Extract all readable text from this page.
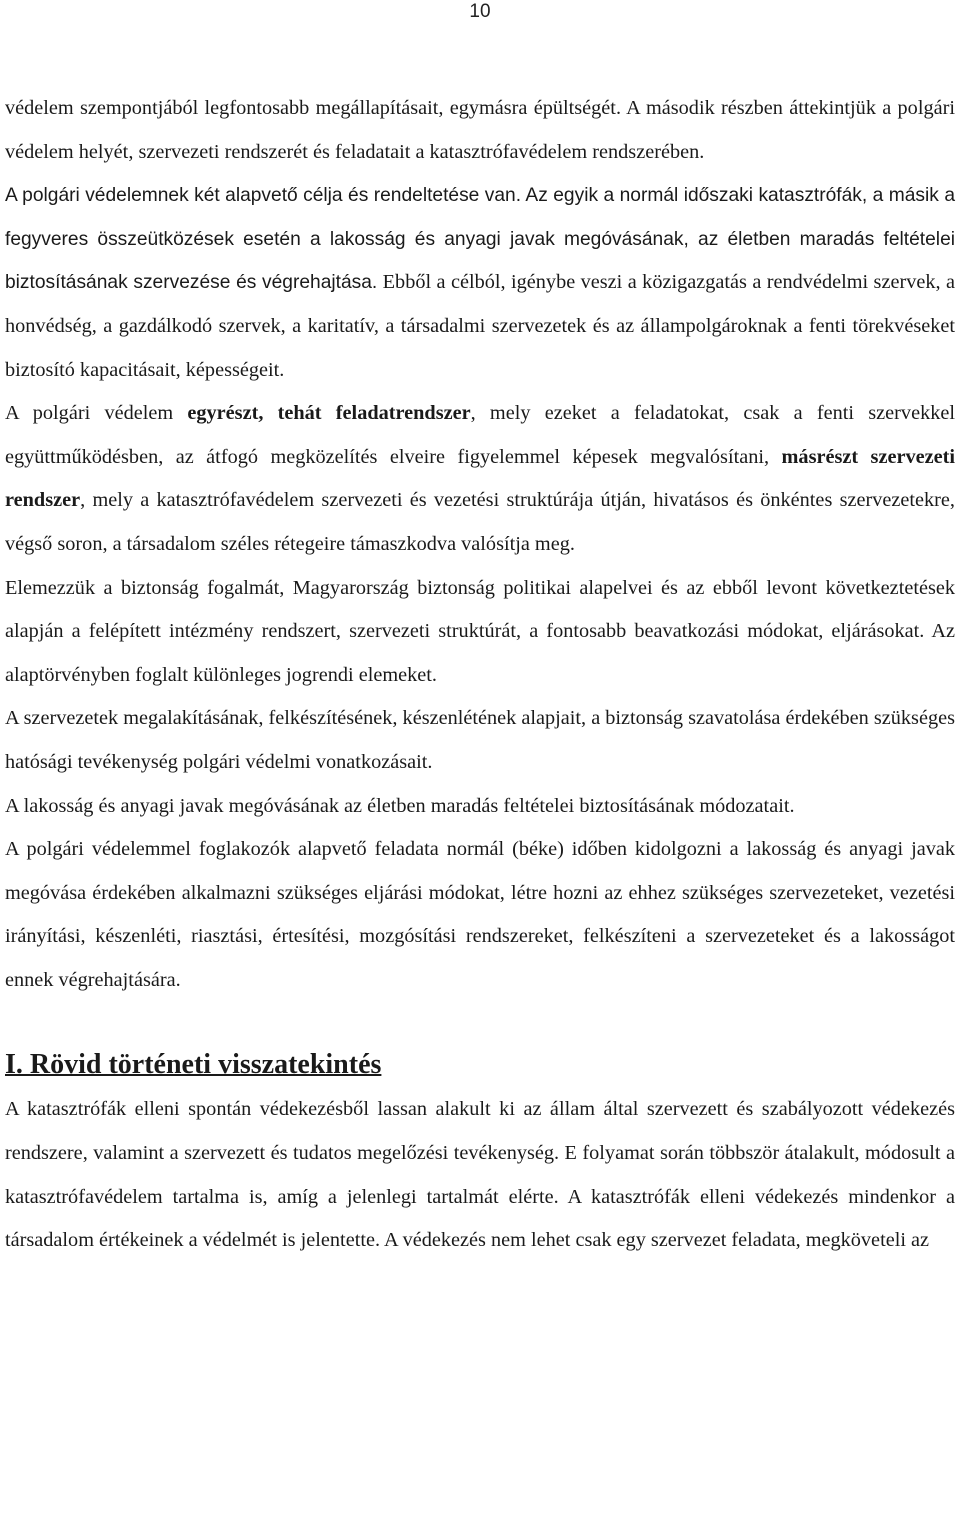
10

védelem szempontjából legfontosabb megállapításait, egymásra épültségét. A második részben áttekintjük a polgári védelem helyét, szervezeti rendszerét és feladatait a katasztrófavédelem rendszerében.

A polgári védelemnek két alapvető célja és rendeltetése van. Az egyik a normál időszaki katasztrófák, a másik a fegyveres összeütközések esetén a lakosság és anyagi javak megóvásának, az életben maradás feltételei biztosításának szervezése és végrehajtása. Ebből a célból, igénybe veszi a közigazgatás a rendvédelmi szervek, a honvédség, a gazdálkodó szervek, a karitatív, a társadalmi szervezetek és az állampolgároknak a fenti törekvéseket biztosító kapacitásait, képességeit.

A polgári védelem egyrészt, tehát feladatrendszer, mely ezeket a feladatokat, csak a fenti szervekkel együttműködésben, az átfogó megközelítés elveire figyelemmel képesek megvalósítani, másrészt szervezeti rendszer, mely a katasztrófavédelem szervezeti és vezetési struktúrája útján, hivatásos és önkéntes szervezetekre, végső soron, a társadalom széles rétegeire támaszkodva valósítja meg.

Elemezzük a biztonság fogalmát, Magyarország biztonság politikai alapelvei és az ebből levont következtetések alapján a felépített intézmény rendszert, szervezeti struktúrát, a fontosabb beavatkozási módokat, eljárásokat. Az alaptörvényben foglalt különleges jogrendi elemeket.

A szervezetek megalakításának, felkészítésének, készenlétének alapjait, a biztonság szavatolása érdekében szükséges hatósági tevékenység polgári védelmi vonatkozásait.

A lakosság és anyagi javak megóvásának az életben maradás feltételei biztosításának módozatait.

A polgári védelemmel foglakozók alapvető feladata normál (béke) időben kidolgozni a lakosság és anyagi javak megóvása érdekében alkalmazni szükséges eljárási módokat, létre hozni az ehhez szükséges szervezeteket, vezetési irányítási, készenléti, riasztási, értesítési, mozgósítási rendszereket, felkészíteni a szervezeteket és a lakosságot ennek végrehajtására.

I. Rövid történeti visszatekintés

A katasztrófák elleni spontán védekezésből lassan alakult ki az állam által szervezett és szabályozott védekezés rendszere, valamint a szervezett és tudatos megelőzési tevékenység. E folyamat során többször átalakult, módosult a katasztrófavédelem tartalma is, amíg a jelenlegi tartalmát elérte. A katasztrófák elleni védekezés mindenkor a társadalom értékeinek a védelmét is jelentette. A védekezés nem lehet csak egy szervezet feladata, megköveteli az
